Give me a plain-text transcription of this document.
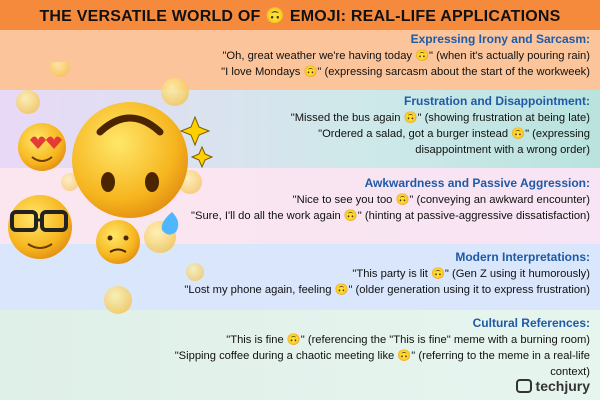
THE VERSATILE WORLD OF 🙃 EMOJI: REAL-LIFE APPLICATIONS
Expressing Irony and Sarcasm:

"Oh, great weather we're having today 🙃" (when it's actually pouring rain)

"I love Mondays 🙃" (expressing sarcasm about the start of the workweek)

Frustration and Disappointment:

"Missed the bus again 🙃" (showing frustration at being late)

"Ordered a salad, got a burger instead 🙃" (expressing

disappointment with a wrong order)

Awkwardness and Passive Aggression:

"Nice to see you too 🙃" (conveying an awkward encounter)

"Sure, I'll do all the work again 🙃" (hinting at passive-aggressive dissatisfaction)

Modern Interpretations:

"This party is lit 🙃" (Gen Z using it humorously)

"Lost my phone again, feeling 🙃" (older generation using it to express frustration)

Cultural References:

"This is fine 🙃" (referencing the "This is fine" meme with a burning room)

"Sipping coffee during a chaotic meeting like 🙃" (referring to the meme in a real-life context)

techjury
